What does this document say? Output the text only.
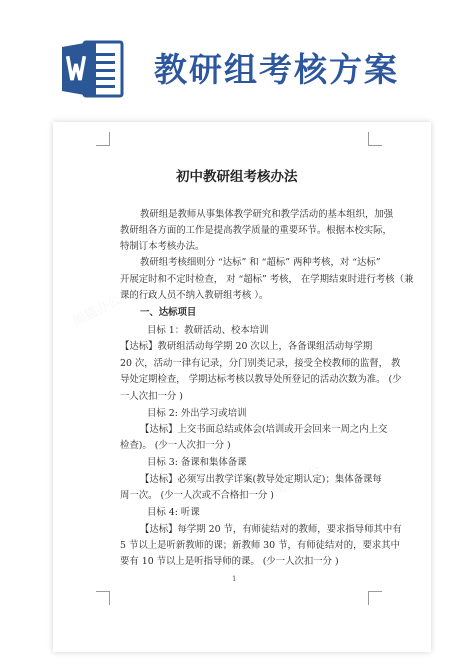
教研组考核方案
初中教研组考核办法
教研组是教师从事集体教学研究和教学活动的基本组织，加强
教研组各方面的工作是提高教学质量的重要环节。根据本校实际，
特制订本考核办法。
教研组考核细则分 “达标” 和 “超标” 两种考核，对 “达标”
开展定时和不定时检查， 对 “超标” 考核， 在学期结束时进行考核（兼
课的行政人员不纳入教研组考核 ）。
一、达标项目
目标 1：教研活动、校本培训
【达标】教研组活动每学期 20 次以上，各备课组活动每学期
20 次，活动一律有记录，分门别类记录，接受全校教师的监督， 教
导处定期检查， 学期达标考核以教导处所登记的活动次数为准。 (少
一人次扣一分 )
目标 2: 外出学习或培训
【达标】上交书面总结或体会(培训或开会回来一周之内上交
检查)。 (少一人次扣一分 )
目标 3: 备课和集体备课
【达标】必须写出教学详案(教导处定期认定)；集体备课每
周一次。 (少一人次或不合格扣一分 )
目标 4: 听课
【达标】每学期 20 节，有师徒结对的教师，要求指导师其中有
5 节以上是听新教师的课；新教师 30 节，有师徒结对的，要求其中
要有 10 节以上是听指导师的课。 (少一人次扣一分 )
1
